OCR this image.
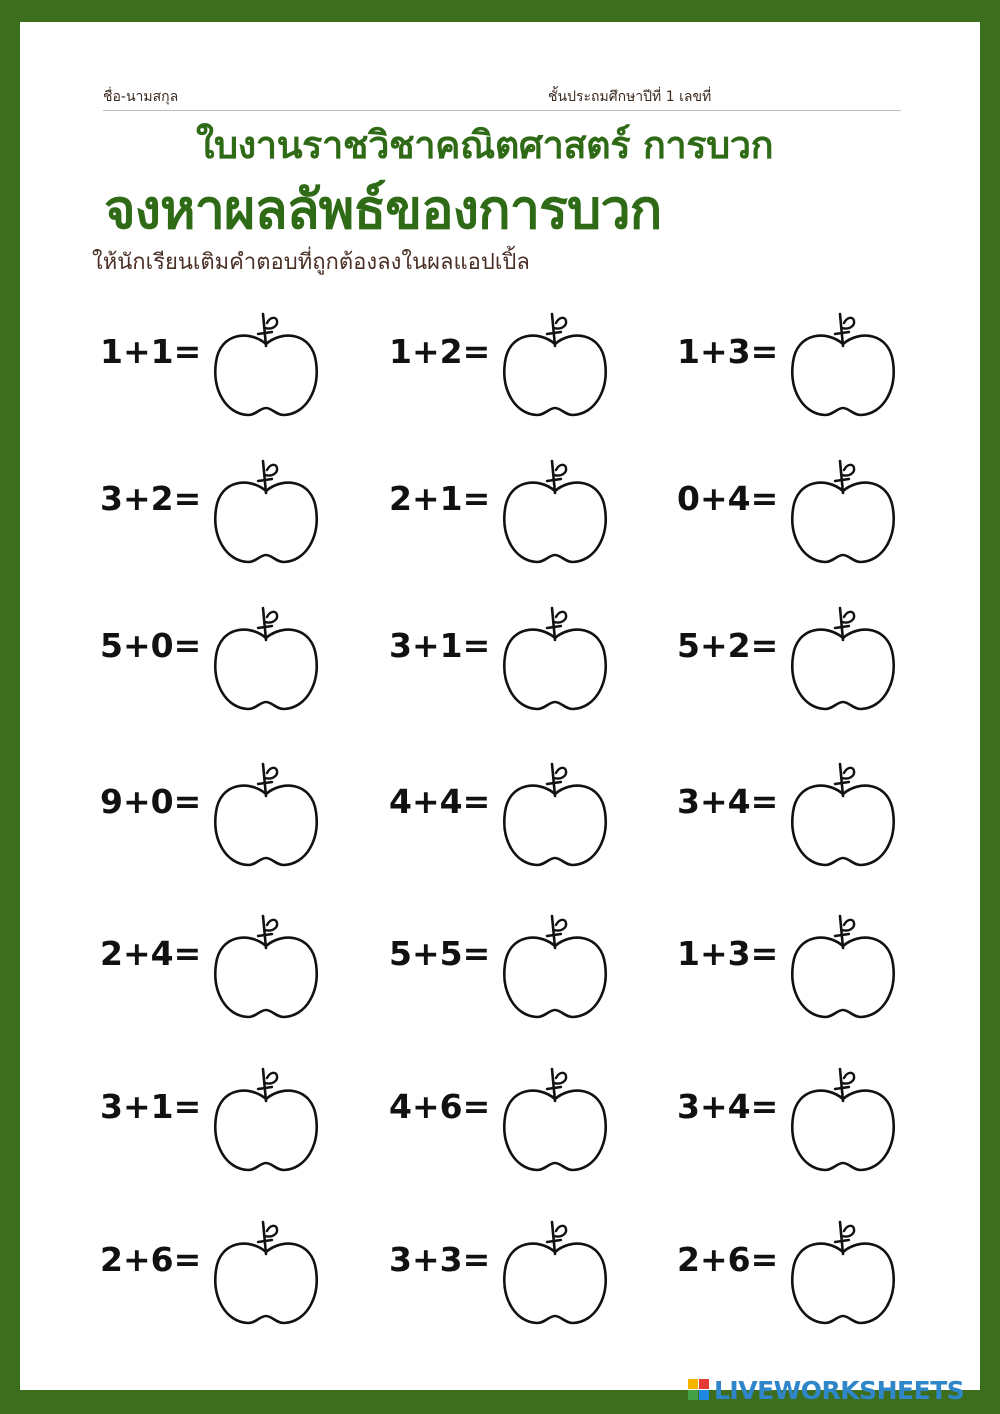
ชื่อ-นามสกุล	ชั้นประถมศึกษาปีที่ 1 เลขที่
ใบงานราชวิชาคณิตศาสตร์ การบวก
จงหาผลลัพธ์ของการบวก
ให้นักเรียนเติมคำตอบที่ถูกต้องลงในผลแอปเปิ้ล
1+1=	1+2=	1+3=
3+2=	2+1=	0+4=
5+0=	3+1=	5+2=
9+0=	4+4=	3+4=
2+4=	5+5=	1+3=
3+1=	4+6=	3+4=
2+6=	3+3=	2+6=
LIVEWORKSHEETS
